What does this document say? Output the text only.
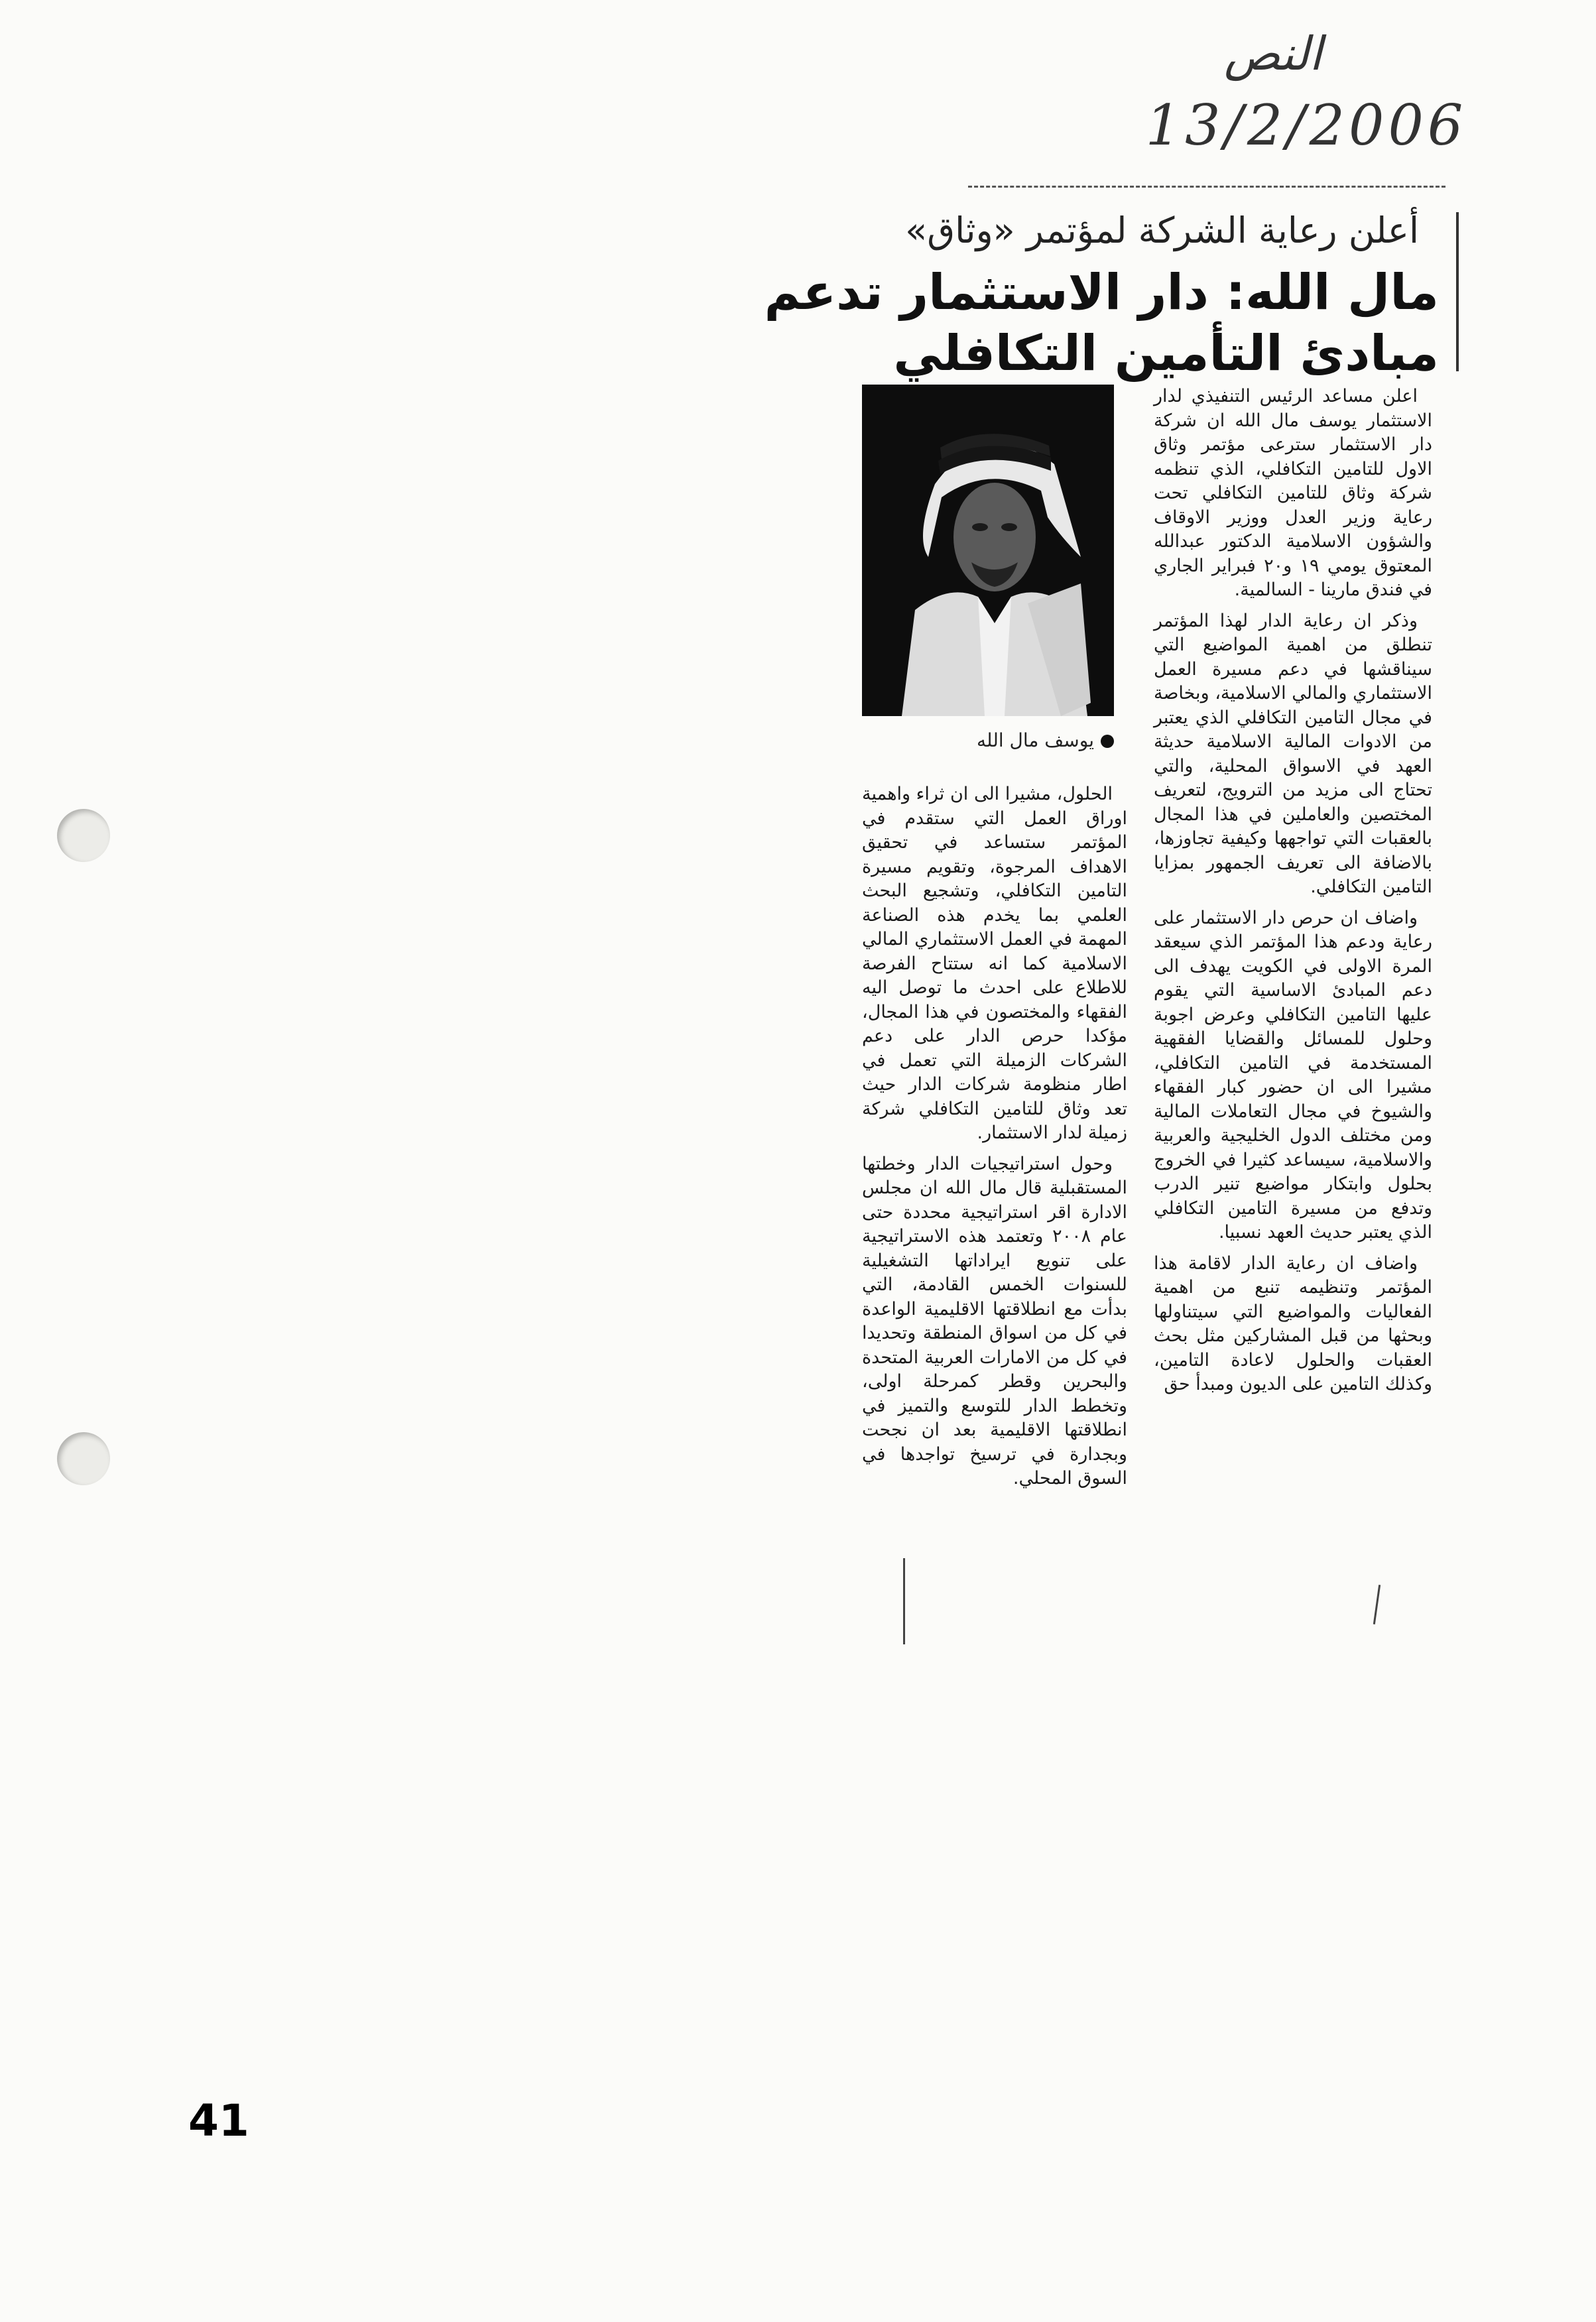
النص
13/2/2006
أعلن رعاية الشركة لمؤتمر «وثاق»
مال الله: دار الاستثمار تدعم
مبادئ التأمين التكافلي
يوسف مال الله

اعلن مساعد الرئيس التنفيذي لدار الاستثمار يوسف مال الله ان شركة دار الاستثمار سترعى مؤتمر وثاق الاول للتامين التكافلي، الذي تنظمه شركة وثاق للتامين التكافلي تحت رعاية وزير العدل ووزير الاوقاف والشؤون الاسلامية الدكتور عبدالله المعتوق يومي ١٩ و٢٠ فبراير الجاري في فندق مارينا - السالمية.

وذكر ان رعاية الدار لهذا المؤتمر تنطلق من اهمية المواضيع التي سيناقشها في دعم مسيرة العمل الاستثماري والمالي الاسلامية، وبخاصة في مجال التامين التكافلي الذي يعتبر من الادوات المالية الاسلامية حديثة العهد في الاسواق المحلية، والتي تحتاج الى مزيد من الترويج، لتعريف المختصين والعاملين في هذا المجال بالعقبات التي تواجهها وكيفية تجاوزها، بالاضافة الى تعريف الجمهور بمزايا التامين التكافلي.

واضاف ان حرص دار الاستثمار على رعاية ودعم هذا المؤتمر الذي سيعقد المرة الاولى في الكويت يهدف الى دعم المبادئ الاساسية التي يقوم عليها التامين التكافلي وعرض اجوبة وحلول للمسائل والقضايا الفقهية المستخدمة في التامين التكافلي، مشيرا الى ان حضور كبار الفقهاء والشيوخ في مجال التعاملات المالية ومن مختلف الدول الخليجية والعربية والاسلامية، سيساعد كثيرا في الخروج بحلول وابتكار مواضيع تنير الدرب وتدفع من مسيرة التامين التكافلي الذي يعتبر حديث العهد نسبيا.

واضاف ان رعاية الدار لاقامة هذا المؤتمر وتنظيمه تنبع من اهمية الفعاليات والمواضيع التي سيتناولها وبحثها من قبل المشاركين مثل بحث العقبات والحلول لاعادة التامين، وكذلك التامين على الديون ومبدأ حق

الحلول، مشيرا الى ان ثراء واهمية اوراق العمل التي ستقدم في المؤتمر ستساعد في تحقيق الاهداف المرجوة، وتقويم مسيرة التامين التكافلي، وتشجيع البحث العلمي بما يخدم هذه الصناعة المهمة في العمل الاستثماري المالي الاسلامية كما انه ستتاح الفرصة للاطلاع على احدث ما توصل اليه الفقهاء والمختصون في هذا المجال، مؤكدا حرص الدار على دعم الشركات الزميلة التي تعمل في اطار منظومة شركات الدار حيث تعد وثاق للتامين التكافلي شركة زميلة لدار الاستثمار.

وحول استراتيجيات الدار وخطتها المستقبلية قال مال الله ان مجلس الادارة اقر استراتيجية محددة حتى عام ٢٠٠٨ وتعتمد هذه الاستراتيجية على تنويع ايراداتها التشغيلية للسنوات الخمس القادمة، التي بدأت مع انطلاقتها الاقليمية الواعدة في كل من اسواق المنطقة وتحديدا في كل من الامارات العربية المتحدة والبحرين وقطر كمرحلة اولى، وتخطط الدار للتوسع والتميز في انطلاقتها الاقليمية بعد ان نجحت وبجدارة في ترسيخ تواجدها في السوق المحلي.

41
